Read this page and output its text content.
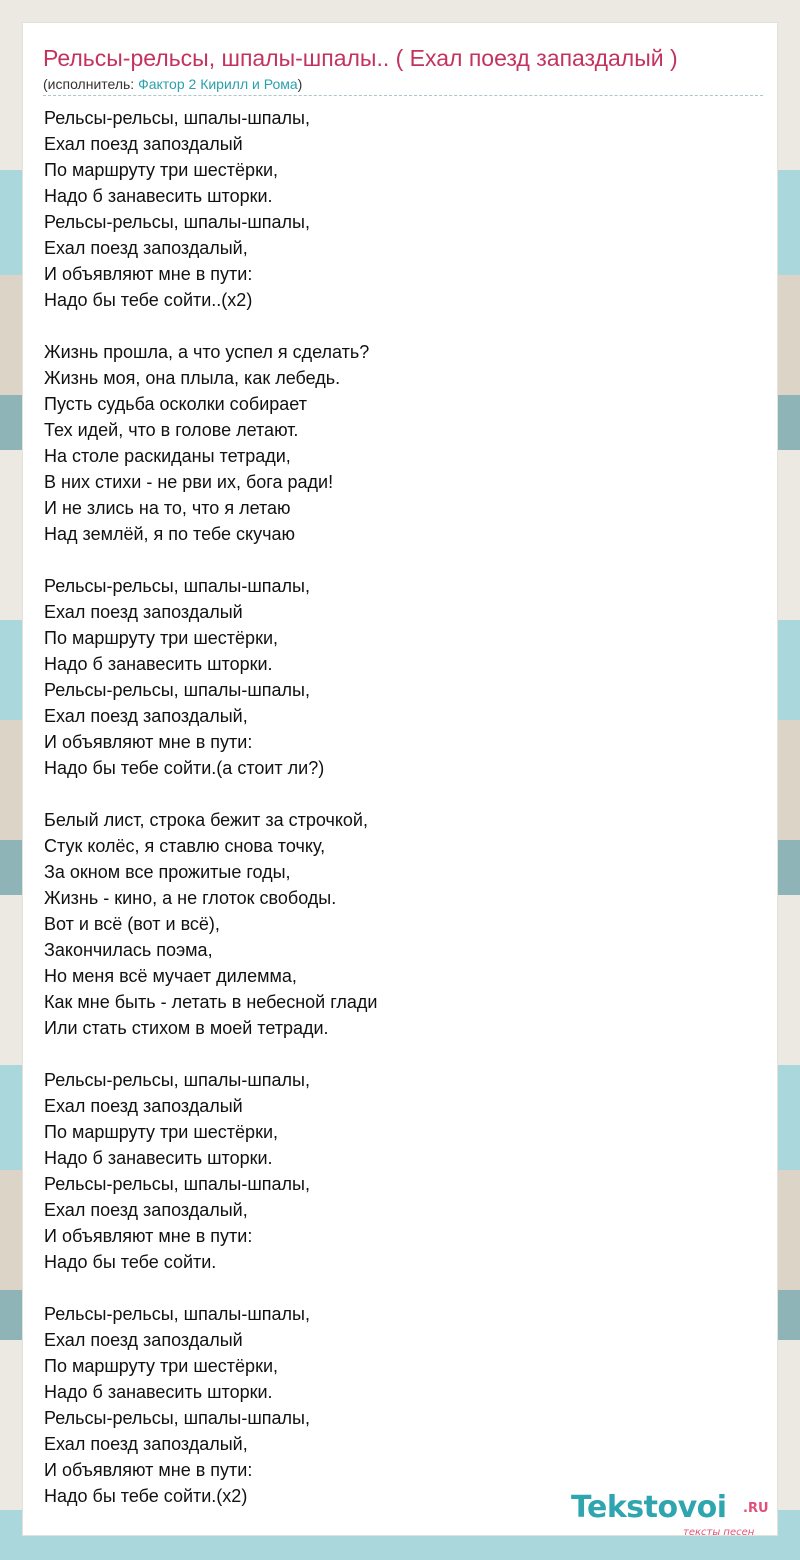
Рельсы-рельсы, шпалы-шпалы.. ( Ехал поезд запаздалый )
(исполнитель: Фактор 2 Кирилл и Рома)
Рельсы-рельсы, шпалы-шпалы,
Ехал поезд запоздалый
По маршруту три шестёрки,
Надо б занавесить шторки.
Рельсы-рельсы, шпалы-шпалы,
Ехал поезд запоздалый,
И объявляют мне в пути:
Надо бы тебе сойти..(x2)
Жизнь прошла, а что успел я сделать?
Жизнь моя, она плыла, как лебедь.
Пусть судьба осколки собирает
Тех идей, что в голове летают.
На столе раскиданы тетради,
В них стихи - не рви их, бога ради!
И не злись на то, что я летаю
Над землёй, я по тебе скучаю
Рельсы-рельсы, шпалы-шпалы,
Ехал поезд запоздалый
По маршруту три шестёрки,
Надо б занавесить шторки.
Рельсы-рельсы, шпалы-шпалы,
Ехал поезд запоздалый,
И объявляют мне в пути:
Надо бы тебе сойти.(а стоит ли?)
Белый лист, строка бежит за строчкой,
Стук колёс, я ставлю снова точку,
За окном все прожитые годы,
Жизнь - кино, а не глоток свободы.
Вот и всё (вот и всё),
Закончилась поэма,
Но меня всё мучает дилемма,
Как мне быть - летать в небесной глади
Или стать стихом в моей тетради.
Рельсы-рельсы, шпалы-шпалы,
Ехал поезд запоздалый
По маршруту три шестёрки,
Надо б занавесить шторки.
Рельсы-рельсы, шпалы-шпалы,
Ехал поезд запоздалый,
И объявляют мне в пути:
Надо бы тебе сойти.
Рельсы-рельсы, шпалы-шпалы,
Ехал поезд запоздалый
По маршруту три шестёрки,
Надо б занавесить шторки.
Рельсы-рельсы, шпалы-шпалы,
Ехал поезд запоздалый,
И объявляют мне в пути:
Надо бы тебе сойти.(x2)	Tekstovoi .RU
тексты песен
